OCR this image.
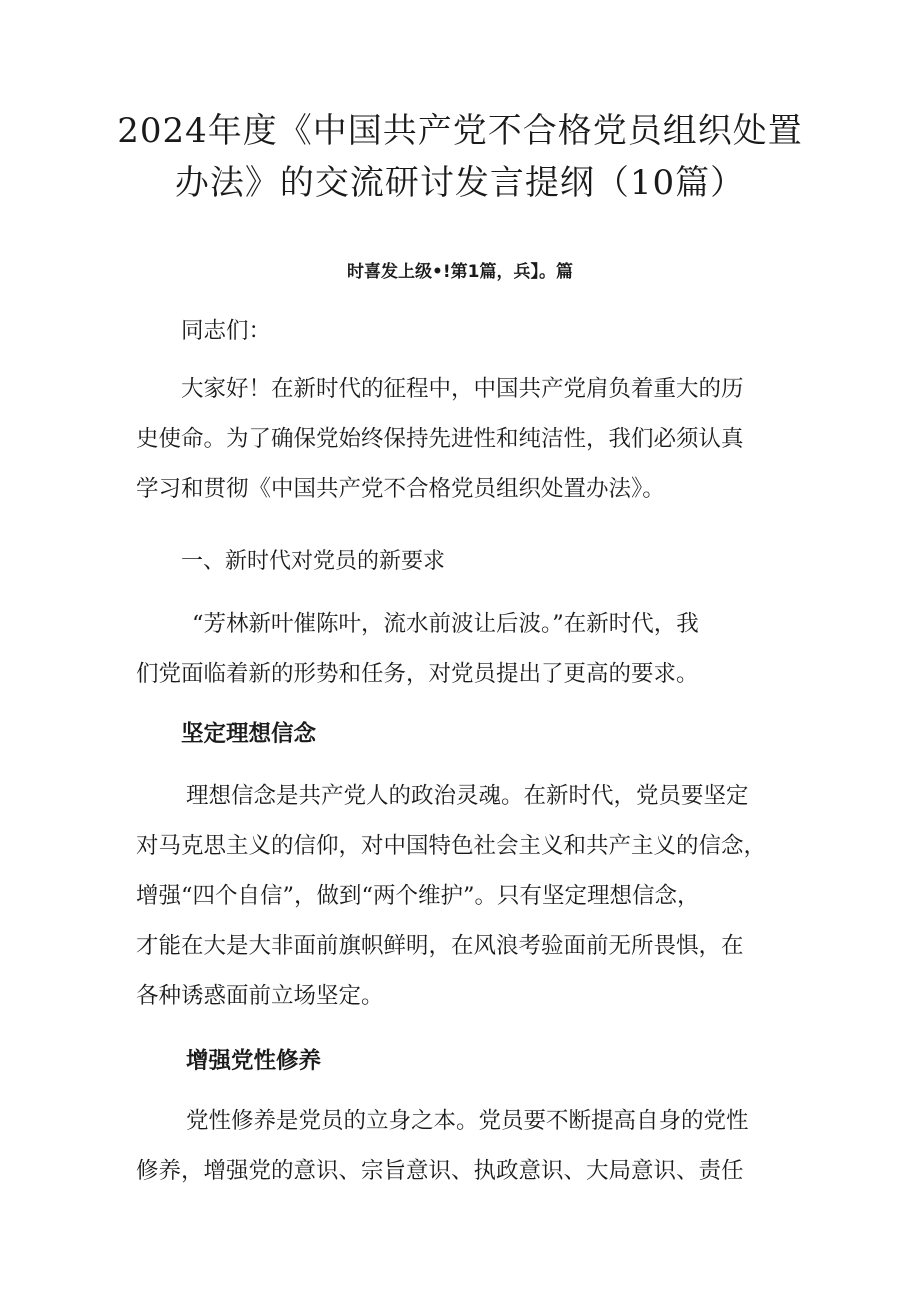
2024年度《中国共产党不合格党员组织处置
办法》的交流研讨发言提纲（10篇）
时喜发上级•!第1篇，兵】。篇

同志们：

大家好！在新时代的征程中，中国共产党肩负着重大的历

史使命。为了确保党始终保持先进性和纯洁性，我们必须认真

学习和贯彻《中国共产党不合格党员组织处置办法》。

一、新时代对党员的新要求

“芳林新叶催陈叶，流水前波让后波。”在新时代，我

们党面临着新的形势和任务，对党员提出了更高的要求。

坚定理想信念

理想信念是共产党人的政治灵魂。在新时代，党员要坚定

对马克思主义的信仰，对中国特色社会主义和共产主义的信念，

增强“四个自信”，做到“两个维护”。只有坚定理想信念，

才能在大是大非面前旗帜鲜明，在风浪考验面前无所畏惧，在

各种诱惑面前立场坚定。

增强党性修养

党性修养是党员的立身之本。党员要不断提高自身的党性

修养，增强党的意识、宗旨意识、执政意识、大局意识、责任
